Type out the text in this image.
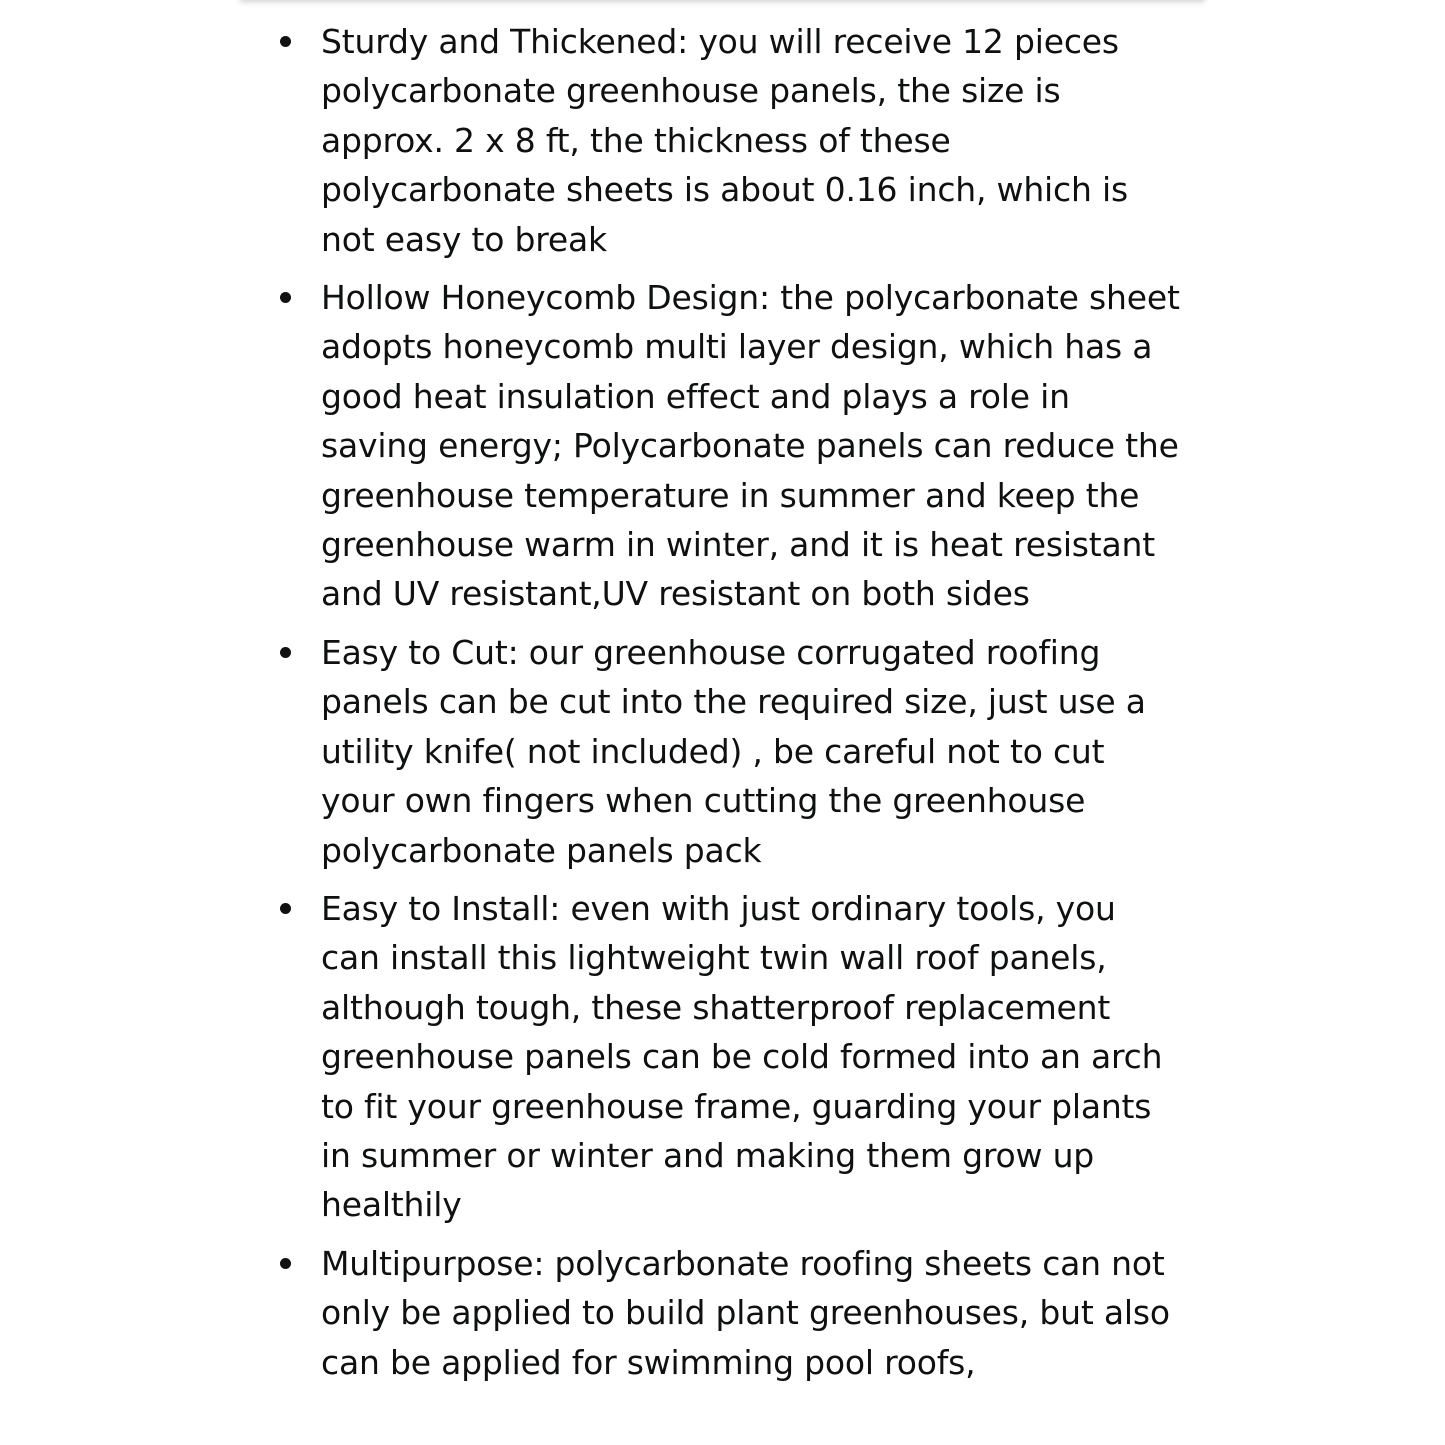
Sturdy and Thickened: you will receive 12 pieces polycarbonate greenhouse panels, the size is approx. 2 x 8 ft, the thickness of these polycarbonate sheets is about 0.16 inch, which is not easy to break
Hollow Honeycomb Design: the polycarbonate sheet adopts honeycomb multi layer design, which has a good heat insulation effect and plays a role in saving energy; Polycarbonate panels can reduce the greenhouse temperature in summer and keep the greenhouse warm in winter, and it is heat resistant and UV resistant,UV resistant on both sides
Easy to Cut: our greenhouse corrugated roofing panels can be cut into the required size, just use a utility knife( not included) , be careful not to cut your own fingers when cutting the greenhouse polycarbonate panels pack
Easy to Install: even with just ordinary tools, you can install this lightweight twin wall roof panels, although tough, these shatterproof replacement greenhouse panels can be cold formed into an arch to fit your greenhouse frame, guarding your plants in summer or winter and making them grow up healthily
Multipurpose: polycarbonate roofing sheets can not only be applied to build plant greenhouses, but also can be applied for swimming pool roofs,
